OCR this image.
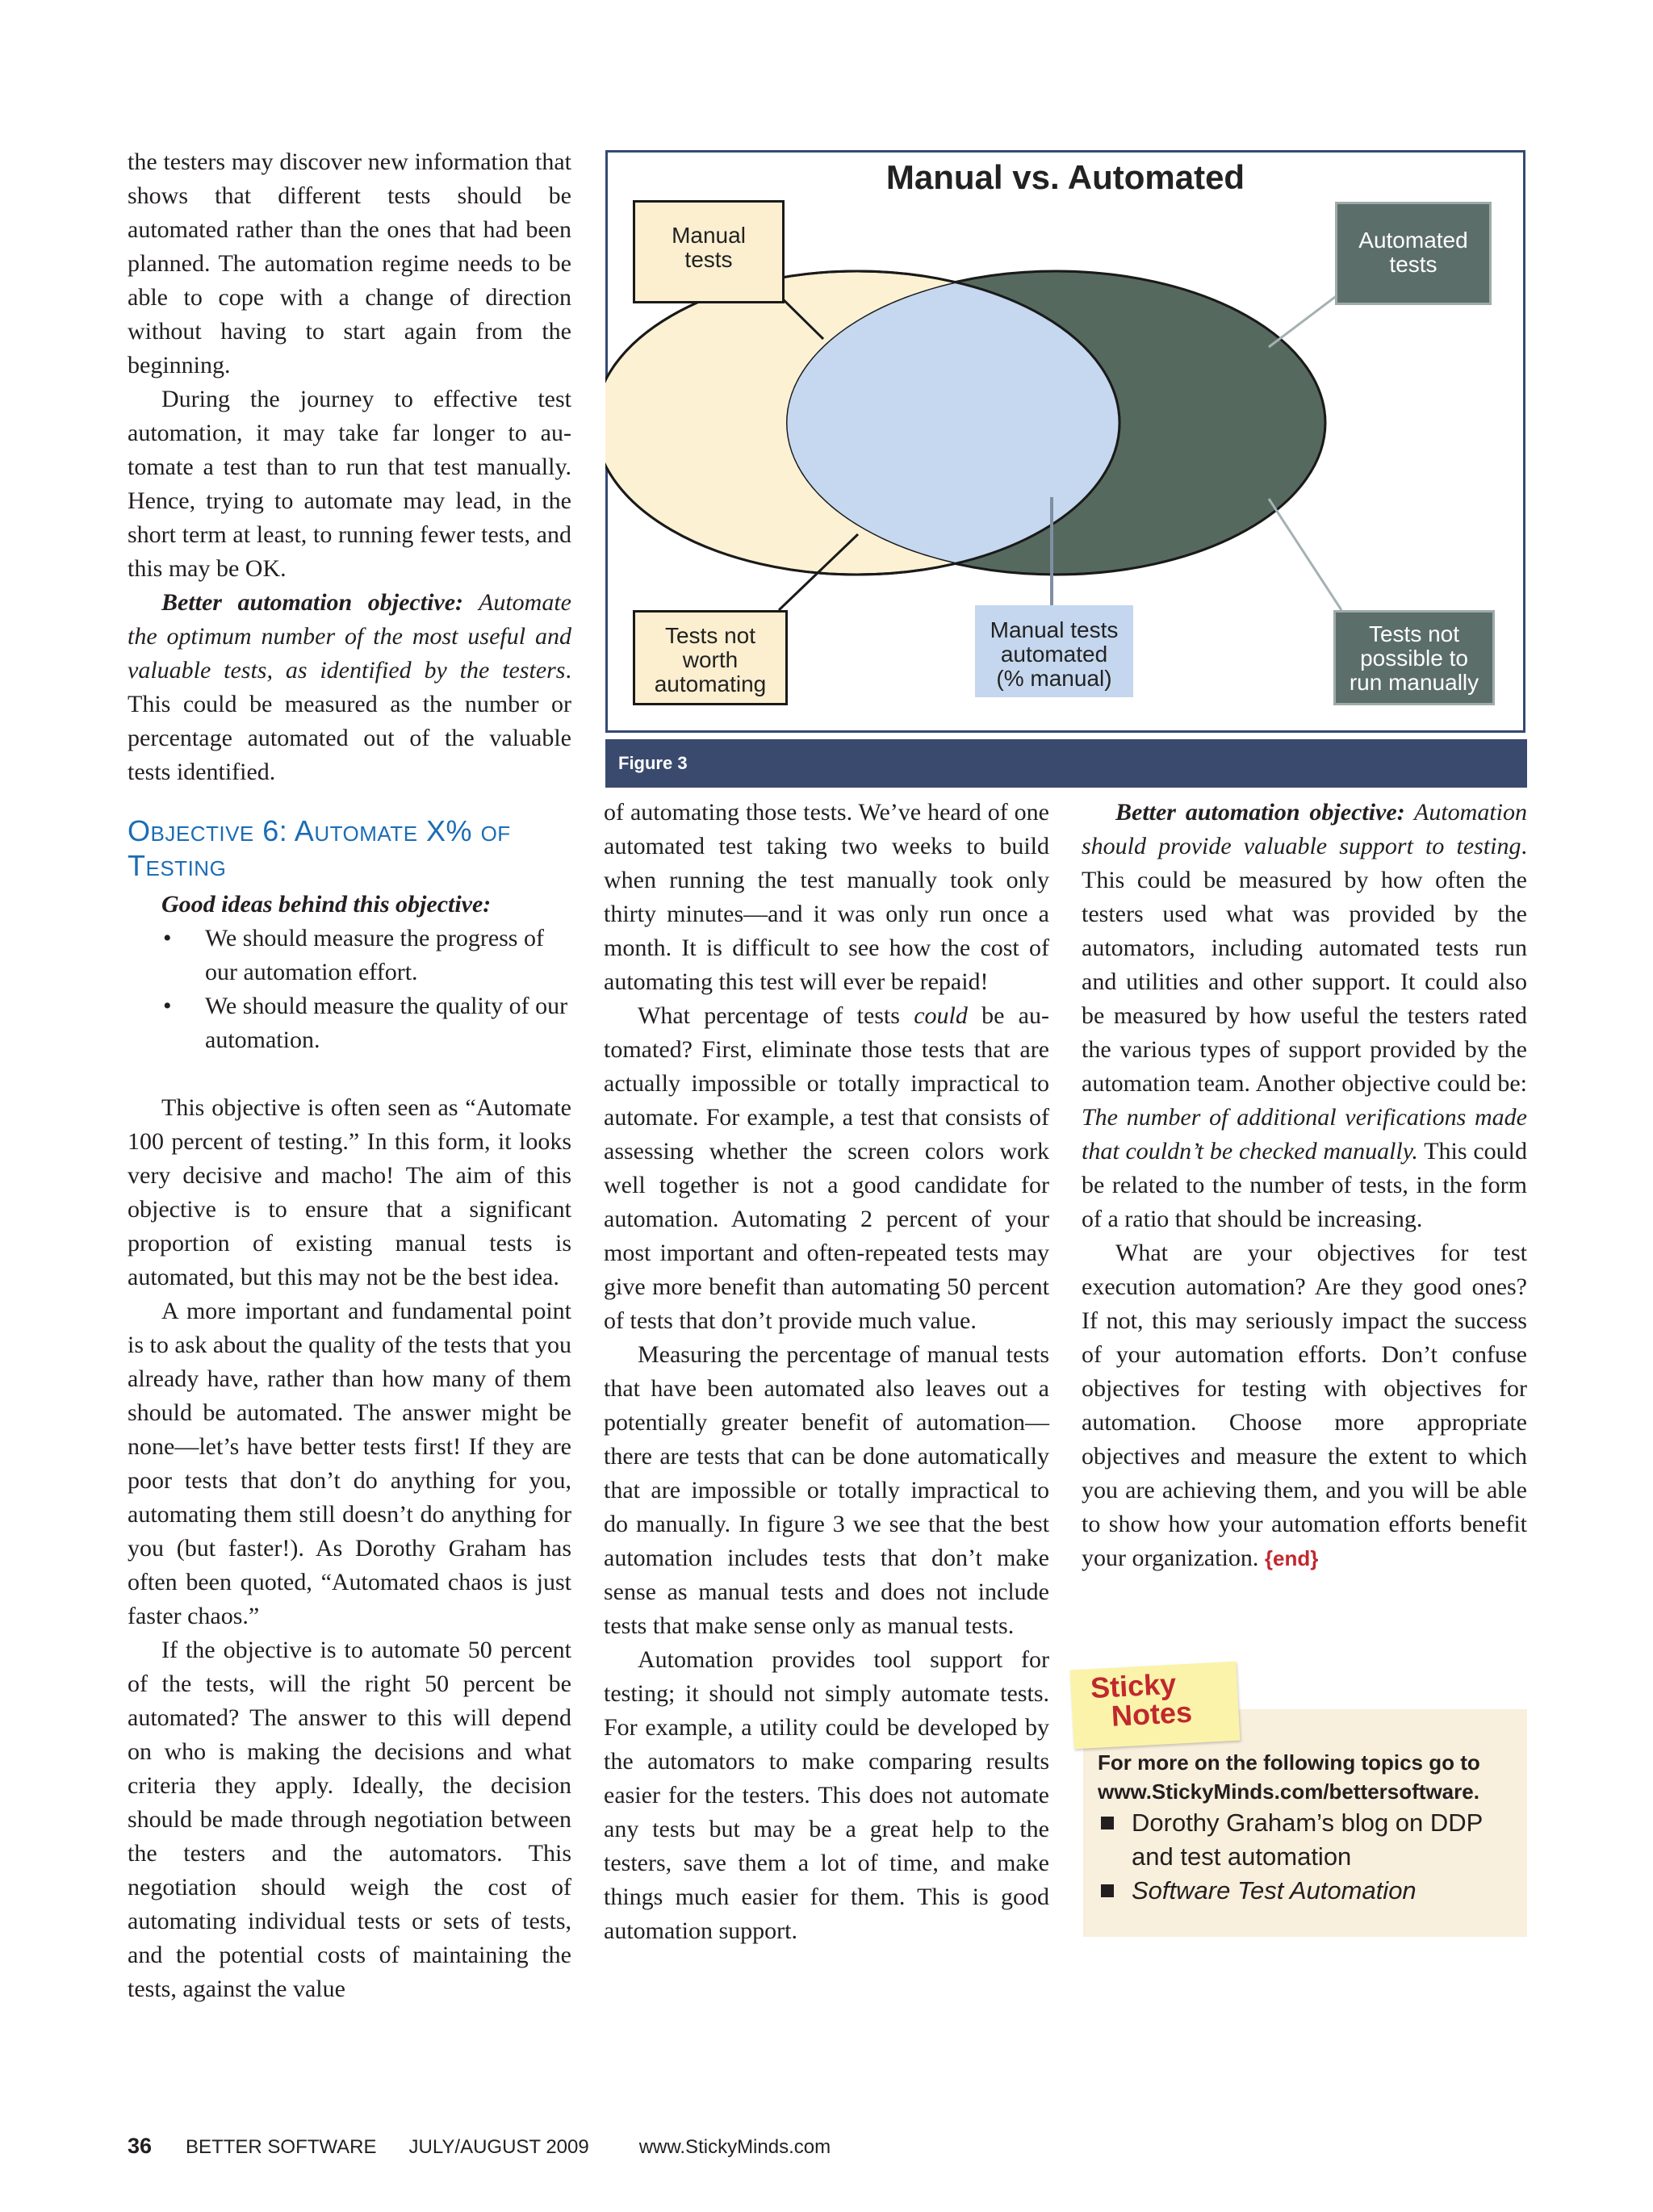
the testers may discover new information that shows that different tests should be automated rather than the ones that had been planned. The automation regime needs to be able to cope with a change of direction without having to start again from the beginning.

During the journey to effective test automation, it may take far longer to automate a test than to run that test manually. Hence, trying to automate may lead, in the short term at least, to running fewer tests, and this may be OK.

Better automation objective: Automate the optimum number of the most useful and valuable tests, as identified by the testers. This could be measured as the number or percentage automated out of the valuable tests identified.

OBJECTIVE 6: AUTOMATE X% OF
TESTING

Good ideas behind this objective:

• We should measure the progress of our automation effort.
• We should measure the quality of our automation.

This objective is often seen as “Automate 100 percent of testing.” In this form, it looks very decisive and macho! The aim of this objective is to ensure that a significant proportion of existing manual tests is automated, but this may not be the best idea.

A more important and fundamental point is to ask about the quality of the tests that you already have, rather than how many of them should be automated. The answer might be none—let’s have better tests first! If they are poor tests that don’t do anything for you, automating them still doesn’t do anything for you (but faster!). As Dorothy Graham has often been quoted, “Automated chaos is just faster chaos.”

If the objective is to automate 50 percent of the tests, will the right 50 percent be automated? The answer to this will depend on who is making the decisions and what criteria they apply. Ideally, the decision should be made through negotiation between the testers and the automators. This negotiation should weigh the cost of automating individual tests or sets of tests, and the potential costs of maintaining the tests, against the value

Manual vs. Automated
Manual
tests
Automated
tests
Tests not
worth
automating
Manual tests
automated
(% manual)
Tests not
possible to
run manually
Figure 3

of automating those tests. We’ve heard of one automated test taking two weeks to build when running the test manually took only thirty minutes—and it was only run once a month. It is difficult to see how the cost of automating this test will ever be repaid!

What percentage of tests could be automated? First, eliminate those tests that are actually impossible or totally impractical to automate. For example, a test that consists of assessing whether the screen colors work well together is not a good candidate for automation. Automating 2 percent of your most important and often-repeated tests may give more benefit than automating 50 percent of tests that don’t provide much value.

Measuring the percentage of manual tests that have been automated also leaves out a potentially greater benefit of automation—there are tests that can be done automatically that are impossible or totally impractical to do manually. In figure 3 we see that the best automation includes tests that don’t make sense as manual tests and does not include tests that make sense only as manual tests.

Automation provides tool support for testing; it should not simply automate tests. For example, a utility could be developed by the automators to make comparing results easier for the testers. This does not automate any tests but may be a great help to the testers, save them a lot of time, and make things much easier for them. This is good automation support.

Better automation objective: Automation should provide valuable support to testing. This could be measured by how often the testers used what was provided by the automators, including automated tests run and utilities and other support. It could also be measured by how useful the testers rated the various types of support provided by the automation team. Another objective could be: The number of additional verifications made that couldn’t be checked manually. This could be related to the number of tests, in the form of a ratio that should be increasing.

What are your objectives for test execution automation? Are they good ones? If not, this may seriously impact the success of your automation efforts. Don’t confuse objectives for testing with objectives for automation. Choose more appropriate objectives and measure the extent to which you are achieving them, and you will be able to show how your automation efforts benefit your organization. {end}

Sticky
Notes
For more on the following topics go to www.StickyMinds.com/bettersoftware.
Dorothy Graham’s blog on DDP and test automation
Software Test Automation
36 BETTER SOFTWARE JULY/AUGUST 2009	www.StickyMinds.com
